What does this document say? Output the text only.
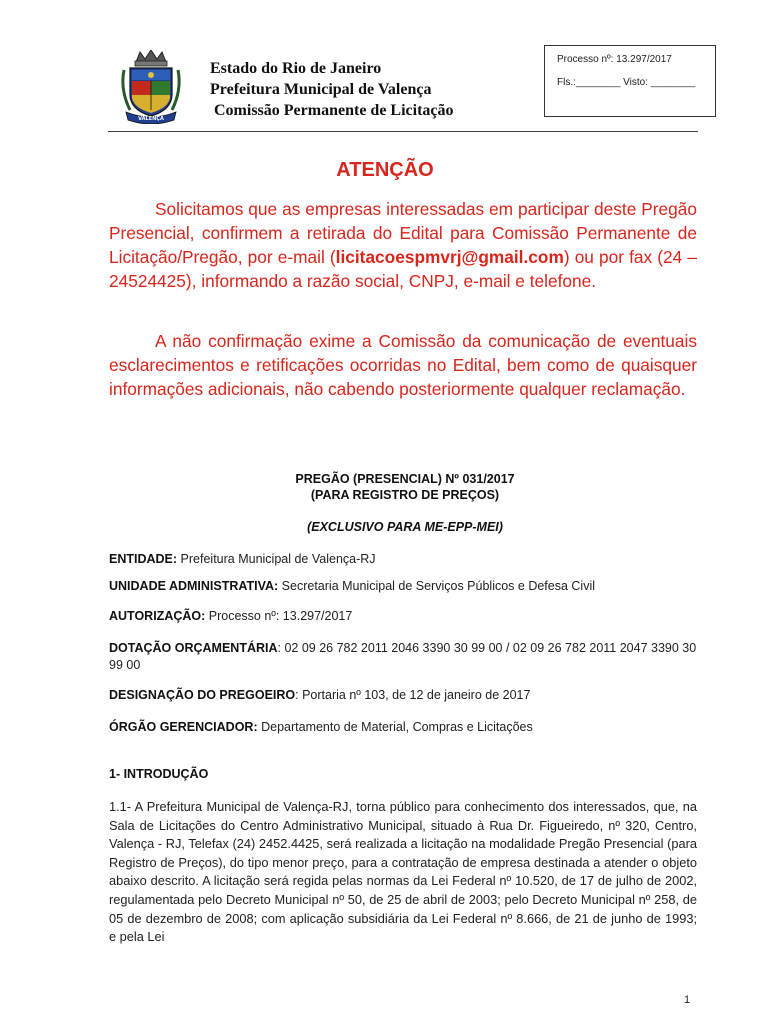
VALENÇA
Estado do Rio de Janeiro
Prefeitura Municipal de Valença
Comissão Permanente de Licitação
Processo nº: 13.297/2017
Fls.:________ Visto: ________
ATENÇÃO

Solicitamos que as empresas interessadas em participar deste Pregão Presencial, confirmem a retirada do Edital para Comissão Permanente de Licitação/Pregão, por e-mail (licitacoespmvrj@gmail.com) ou por fax (24 – 24524425), informando a razão social, CNPJ, e-mail e telefone.

A não confirmação exime a Comissão da comunicação de eventuais esclarecimentos e retificações ocorridas no Edital, bem como de quaisquer informações adicionais, não cabendo posteriormente qualquer reclamação.

PREGÃO (PRESENCIAL) Nº 031/2017
(PARA REGISTRO DE PREÇOS)
(EXCLUSIVO PARA ME-EPP-MEI)
ENTIDADE: Prefeitura Municipal de Valença-RJ
UNIDADE ADMINISTRATIVA: Secretaria Municipal de Serviços Públicos e Defesa Civil
AUTORIZAÇÃO: Processo nº: 13.297/2017
DOTAÇÃO ORÇAMENTÁRIA: 02 09 26 782 2011 2046 3390 30 99 00 / 02 09 26 782 2011 2047 3390 30 99 00
DESIGNAÇÃO DO PREGOEIRO: Portaria nº 103, de 12 de janeiro de 2017
ÓRGÃO GERENCIADOR: Departamento de Material, Compras e Licitações
1- INTRODUÇÃO

1.1- A Prefeitura Municipal de Valença-RJ, torna público para conhecimento dos interessados, que, na Sala de Licitações do Centro Administrativo Municipal, situado à Rua Dr. Figueiredo, nº 320, Centro, Valença - RJ, Telefax (24) 2452.4425, será realizada a licitação na modalidade Pregão Presencial (para Registro de Preços), do tipo menor preço, para a contratação de empresa destinada a atender o objeto abaixo descrito. A licitação será regida pelas normas da Lei Federal nº 10.520, de 17 de julho de 2002, regulamentada pelo Decreto Municipal nº 50, de 25 de abril de 2003; pelo Decreto Municipal nº 258, de 05 de dezembro de 2008; com aplicação subsidiária da Lei Federal nº 8.666, de 21 de junho de 1993; e pela Lei

1
